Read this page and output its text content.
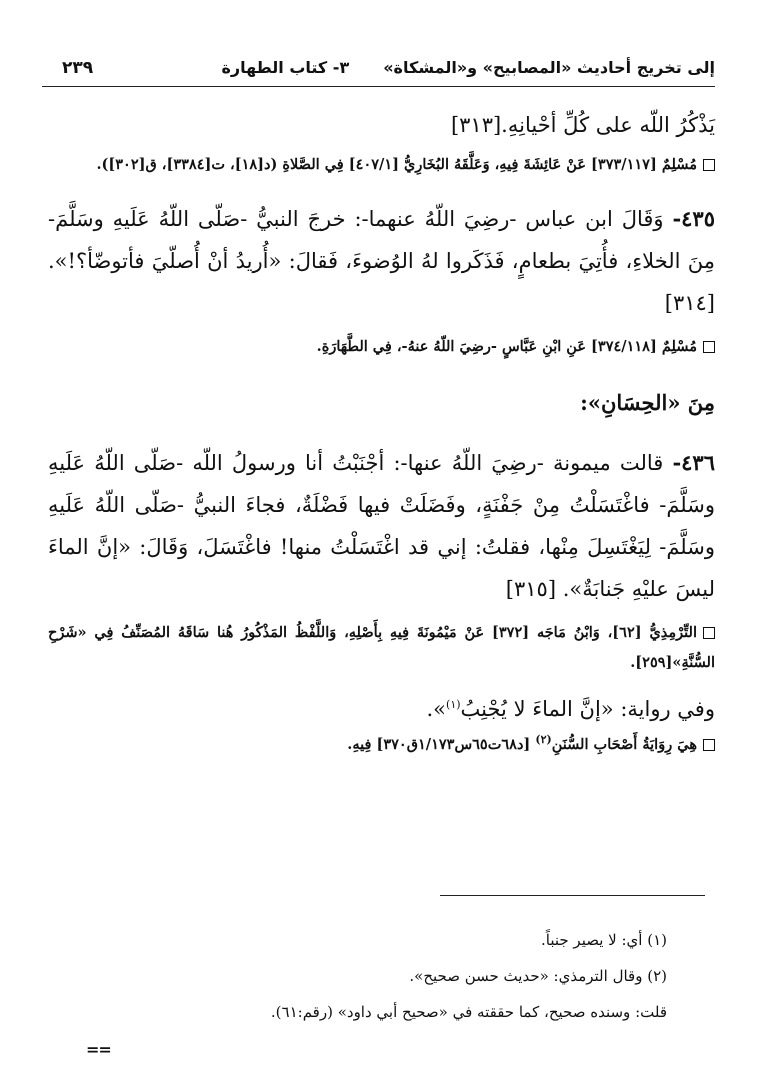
إلى تخريج أحاديث «المصابيح» و«المشكاة»٣- كتاب الطهارة
٢٣٩

يَذْكُرُ اللّه على كُلِّ أحْيانِهِ.[٣١٣]

مُسْلِمٌ [٣٧٣/١١٧] عَنْ عَائِشَةَ فِيهِ، وَعَلَّقَهُ البُخَارِيُّ [٤٠٧/١] فِي الصَّلاةِ (د[١٨]، ت[٣٣٨٤]، ق[٣٠٢]).

٤٣٥- وَقَالَ ابن عباس -رضِيَ اللّهُ عنهما-: خرجَ النبيُّ -صَلّى اللّهُ عَلَيهِ وسَلَّمَ- مِنَ الخلاءِ، فأُتِيَ بطعامٍ، فَذَكَروا لهُ الوُضوءَ، فَقالَ: «أُريدُ أنْ أُصلّيَ فأتوضّأ؟!». [٣١٤]

مُسْلِمٌ [٣٧٤/١١٨] عَنِ ابْنِ عَبَّاسٍ -رضِيَ اللّهُ عنهُ-، فِي الطَّهَارَةِ.

مِنَ «الحِسَانِ»:

٤٣٦- قالت ميمونة -رضِيَ اللّهُ عنها-: أجْنَبْتُ أنا ورسولُ اللّه -صَلّى اللّهُ عَلَيهِ وسَلَّمَ- فاغْتَسَلْتُ مِنْ جَفْنَةٍ، وفَضَلَتْ فيها فَضْلَةٌ، فجاءَ النبيُّ -صَلّى اللّهُ عَلَيهِ وسَلَّمَ- لِيَغْتَسِلَ مِنْها، فقلتُ: إني قد اغْتَسَلْتُ منها! فاغْتَسَلَ، وَقَالَ: «إنَّ الماءَ ليسَ عليْهِ جَنابَةٌ». [٣١٥]

التِّرْمِذِيُّ [٦٢]، وَابْنُ مَاجَه [٣٧٢] عَنْ مَيْمُونَةَ فِيهِ بِأَصْلِهِ، وَاللَّفْظُ المَذْكُورُ هُنا سَاقَهُ المُصَنِّفُ فِي «شَرْحِ السُّنَّةِ»[٢٥٩].

وفي رواية: «إنَّ الماءَ لا يُجْنِبُ$^{(١)}$».

هِيَ رِوَايَةُ أَصْحَابِ السُّنَنِ$^{(٢)}$ [د٦٨ت٦٥س١/١٧٣ق٣٧٠] فِيهِ.

(١) أي: لا يصير جنباً.

(٢) وقال الترمذي: «حديث حسن صحيح».

قلت: وسنده صحيح، كما حققته في «صحيح أبي داود» (رقم:٦١).

==
